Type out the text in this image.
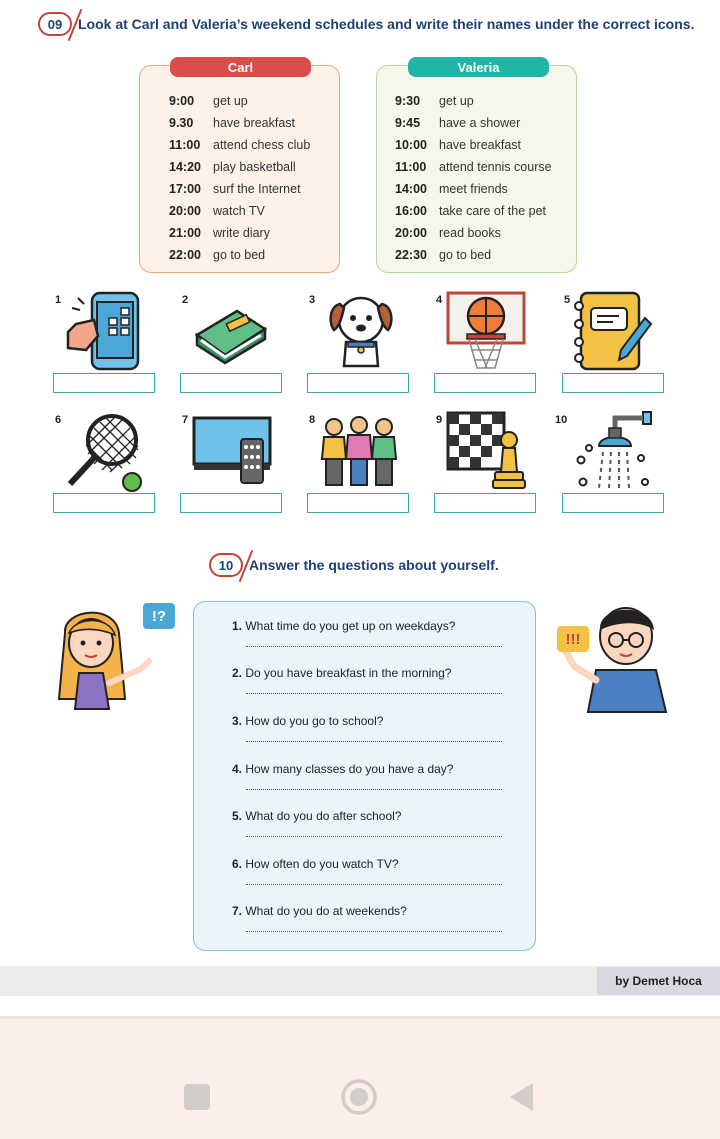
09	Look at Carl and Valeria’s weekend schedules and write their names under the correct icons.
Carl
9:00	get up
9.30	have breakfast
11:00	attend chess club
14:20 play basketball
17:00 surf the Internet
20:00 watch TV
21:00 write diary
22:00 go to bed
Valeria
9:30	get up
9:45	have a shower
10:00 have breakfast
11:00	attend tennis course
14:00 meet friends
16:00 take care of the pet
20:00 read books
22:30 go to bed
1	2	3	4	5
6	7	8	9	10
10	Answer the questions about yourself.
!?
!!!
1. What time do you get up on weekdays?
2. Do you have breakfast in the morning?
3. How do you go to school?
4. How many classes do you have a day?
5. What do you do after school?
6. How often do you watch TV?
7. What do you do at weekends?
by Demet Hoca
